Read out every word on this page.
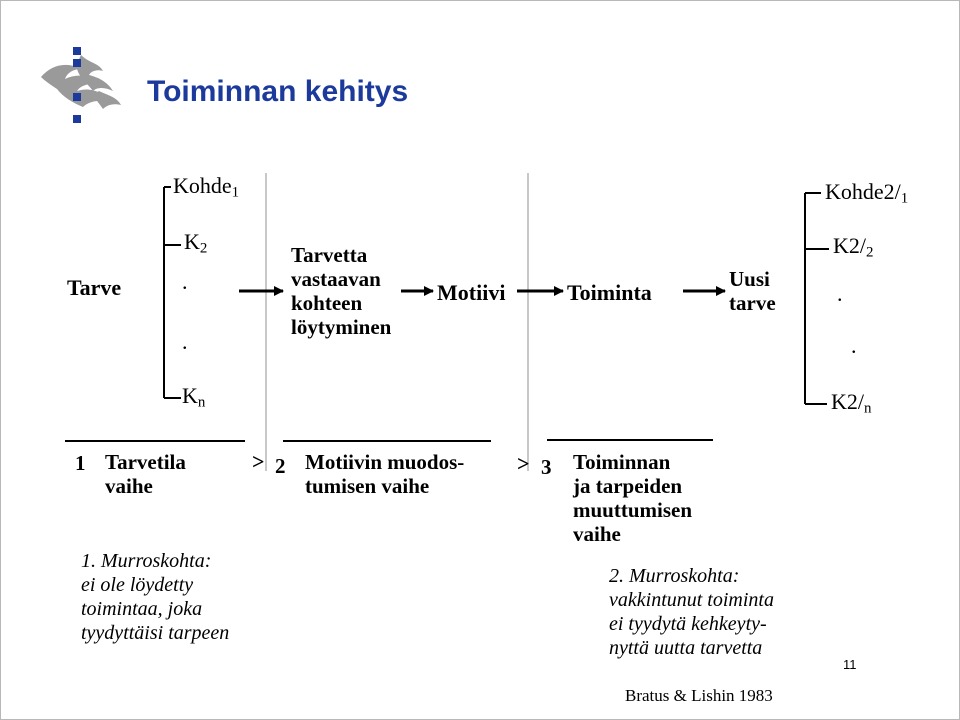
Toiminnan kehitys
Tarve
Kohde$_1$
$K_2$
.
.
$K_n$
Tarvetta
vastaavan
kohteen
löytyminen
Motiivi	Toiminta
Uusi
tarve
$Kohde2/_1$
$K2/_2$
.
.
$K2/_n$
1 Tarvetila
vaihe
> 2 Motiivin muodos-
tumisen vaihe
> 3 Toiminnan
ja tarpeiden
muuttumisen
vaihe
1. Murroskohta:
ei ole löydetty
toimintaa, joka
tyydyttäisi tarpeen
2. Murroskohta:
vakkintunut toiminta
ei tyydytä kehkeyty-
nyttä uutta tarvetta
11
Bratus & Lishin 1983
